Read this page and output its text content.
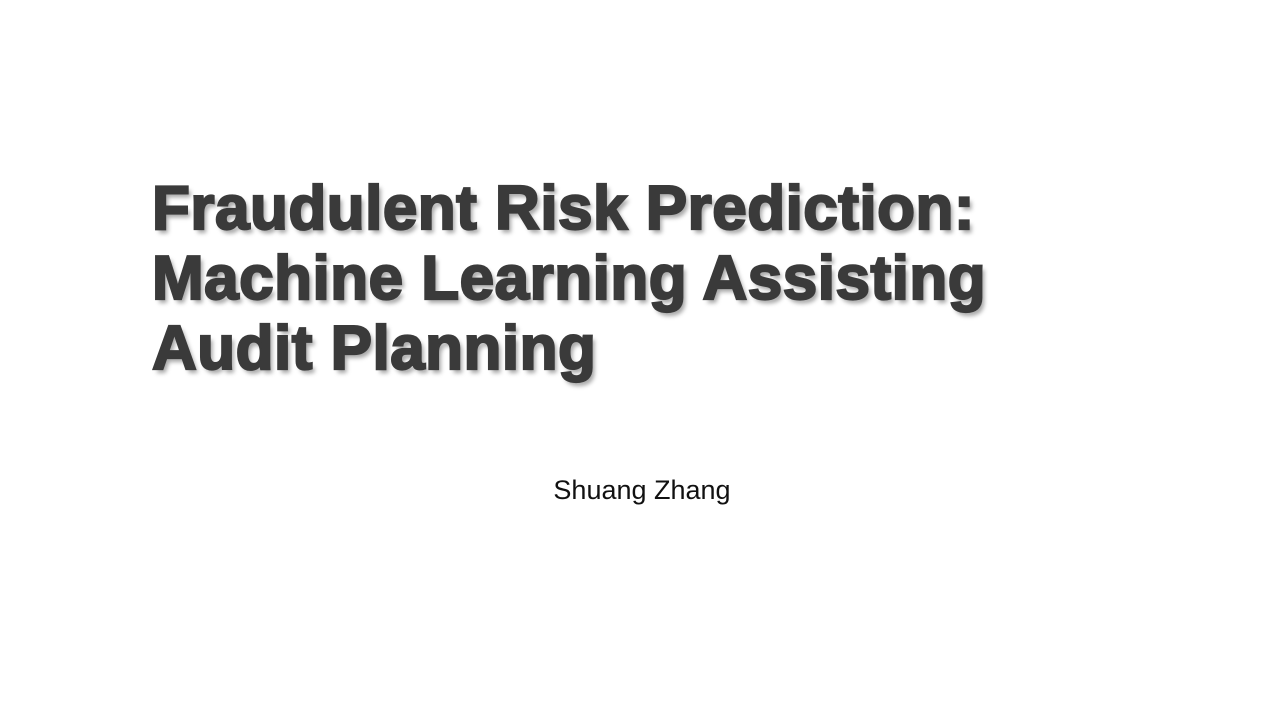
Fraudulent Risk Prediction:
Machine Learning Assisting
Audit Planning
Shuang Zhang
